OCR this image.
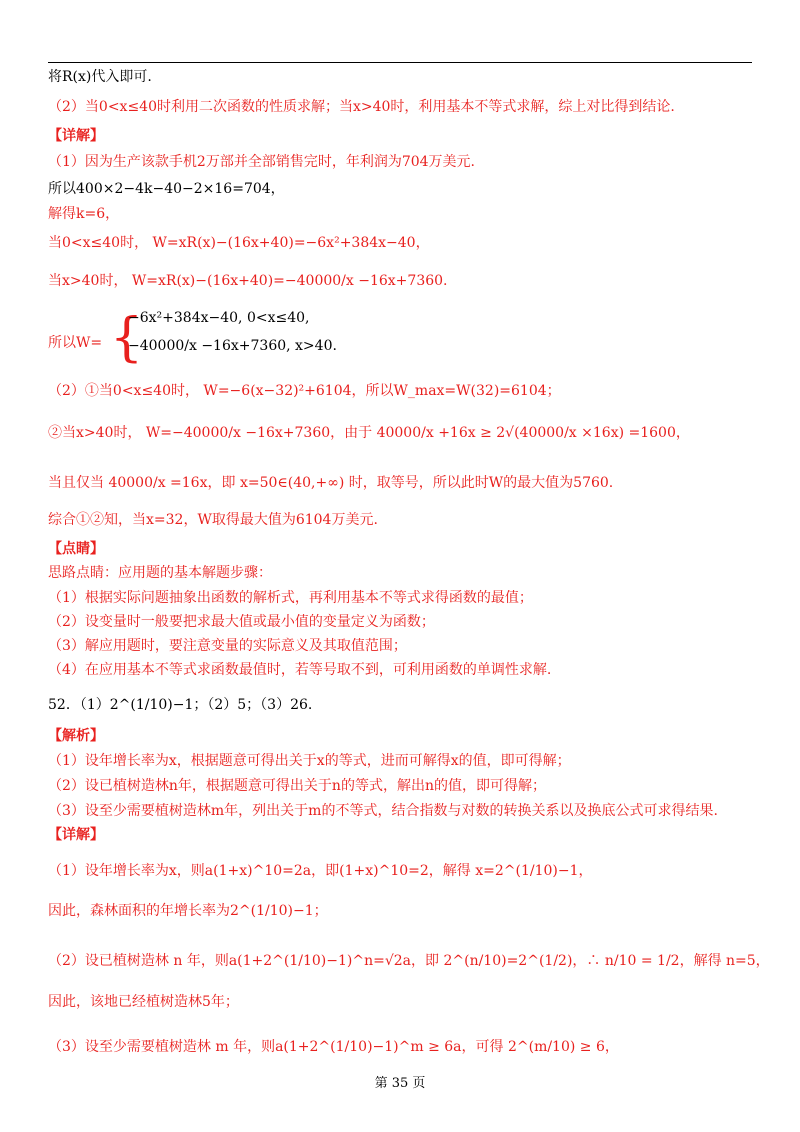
将R(x)代入即可.
（2）当0<x≤40时利用二次函数的性质求解；当x>40时，利用基本不等式求解，综上对比得到结论.
【详解】
（1）因为生产该款手机2万部并全部销售完时，年利润为704万美元.
所以400×2−4k−40−2×16=704，
解得k=6，
当0<x≤40时， W=xR(x)−(16x+40)=−6x²+384x−40，
当x>40时， W=xR(x)−(16x+40)=−40000/x −16x+7360.
所以W= {
−6x²+384x−40, 0<x≤40,
−40000/x −16x+7360, x>40.
（2）①当0<x≤40时， W=−6(x−32)²+6104，所以W_max=W(32)=6104；
②当x>40时， W=−40000/x −16x+7360，由于 40000/x +16x ≥ 2√(40000/x ×16x) =1600，
当且仅当 40000/x =16x，即 x=50∈(40,+∞) 时，取等号，所以此时W的最大值为5760.
综合①②知，当x=32，W取得最大值为6104万美元.
【点睛】
思路点睛：应用题的基本解题步骤：
（1）根据实际问题抽象出函数的解析式，再利用基本不等式求得函数的最值；
（2）设变量时一般要把求最大值或最小值的变量定义为函数；
（3）解应用题时，要注意变量的实际意义及其取值范围；
（4）在应用基本不等式求函数最值时，若等号取不到，可利用函数的单调性求解.
52．（1）2^(1/10)−1；（2）5；（3）26.
【解析】
（1）设年增长率为x，根据题意可得出关于x的等式，进而可解得x的值，即可得解；
（2）设已植树造林n年，根据题意可得出关于n的等式，解出n的值，即可得解；
（3）设至少需要植树造林m年，列出关于m的不等式，结合指数与对数的转换关系以及换底公式可求得结果.
【详解】
（1）设年增长率为x，则a(1+x)^10=2a，即(1+x)^10=2，解得 x=2^(1/10)−1，
因此，森林面积的年增长率为2^(1/10)−1；
（2）设已植树造林 n 年，则a(1+2^(1/10)−1)^n=√2a，即 2^(n/10)=2^(1/2)，∴ n/10 = 1/2，解得 n=5，
因此，该地已经植树造林5年；
（3）设至少需要植树造林 m 年，则a(1+2^(1/10)−1)^m ≥ 6a，可得 2^(m/10) ≥ 6，
第 35 页
